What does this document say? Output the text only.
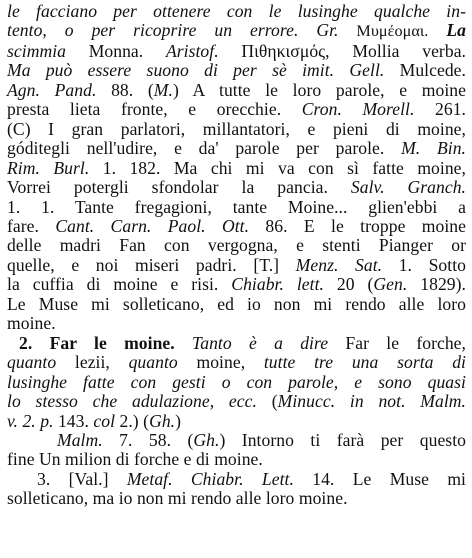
le facciano per ottenere con le lusinghe qualche in-
tento, o per ricoprire un errore. Gr. Μυμέομαι. La
scimmia Monna. Aristof. Πιθηκισμός, Mollia verba.
Ma può essere suono di per sè imit. Gell. Mulcede.
Agn. Pand. 88. (M.) A tutte le loro parole, e moine
presta lieta fronte, e orecchie. Cron. Morell. 261.
(C) I gran parlatori, millantatori, e pieni di moine,
góditegli nell'udire, e da' parole per parole. M. Bin.
Rim. Burl. 1. 182. Ma chi mi va con sì fatte moine,
Vorrei potergli sfondolar la pancia. Salv. Granch.
1. 1. Tante fregagioni, tante Moine... glien'ebbi a
fare. Cant. Carn. Paol. Ott. 86. E le troppe moine
delle madri Fan con vergogna, e stenti Pianger or
quelle, e noi miseri padri. [T.] Menz. Sat. 1. Sotto
la cuffia di moine e risi. Chiabr. lett. 20 (Gen. 1829).
Le Muse mi solleticano, ed io non mi rendo alle loro
moine.
2. Far le moine. Tanto è a dire Far le forche,
quanto lezii, quanto moine, tutte tre una sorta di
lusinghe fatte con gesti o con parole, e sono quasi
lo stesso che adulazione, ecc. (Minucc. in not. Malm.
v. 2. p. 143. col 2.) (Gh.)
Malm. 7. 58. (Gh.) Intorno ti farà per questo
fine Un milion di forche e di moine.
3. [Val.] Metaf. Chiabr. Lett. 14. Le Muse mi
solleticano, ma io non mi rendo alle loro moine.
